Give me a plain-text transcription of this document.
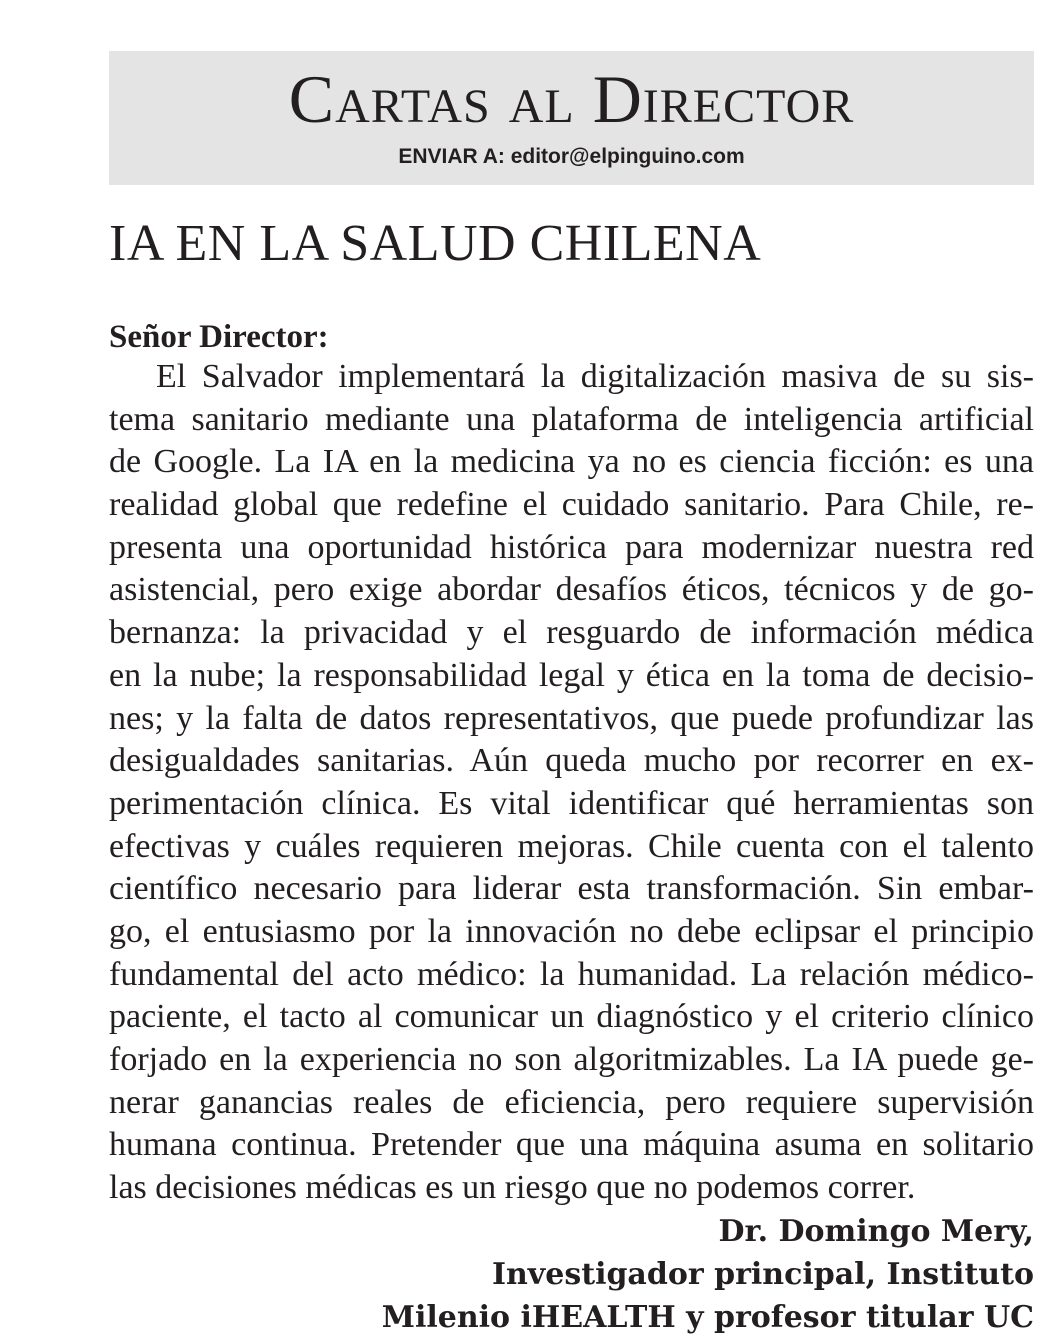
Cartas al Director
ENVIAR A: editor@elpinguino.com
IA EN LA SALUD CHILENA

Señor Director:

El Salvador implementará la digitalización masiva de su sis-
tema sanitario mediante una plataforma de inteligencia artificial
de Google. La IA en la medicina ya no es ciencia ficción: es una
realidad global que redefine el cuidado sanitario. Para Chile, re-
presenta una oportunidad histórica para modernizar nuestra red
asistencial, pero exige abordar desafíos éticos, técnicos y de go-
bernanza: la privacidad y el resguardo de información médica
en la nube; la responsabilidad legal y ética en la toma de decisio-
nes; y la falta de datos representativos, que puede profundizar las
desigualdades sanitarias. Aún queda mucho por recorrer en ex-
perimentación clínica. Es vital identificar qué herramientas son
efectivas y cuáles requieren mejoras. Chile cuenta con el talento
científico necesario para liderar esta transformación. Sin embar-
go, el entusiasmo por la innovación no debe eclipsar el principio
fundamental del acto médico: la humanidad. La relación médico-
paciente, el tacto al comunicar un diagnóstico y el criterio clínico
forjado en la experiencia no son algoritmizables. La IA puede ge-
nerar ganancias reales de eficiencia, pero requiere supervisión
humana continua. Pretender que una máquina asuma en solitario
las decisiones médicas es un riesgo que no podemos correr.
Dr. Domingo Mery,
Investigador principal, Instituto
Milenio iHEALTH y profesor titular UC
